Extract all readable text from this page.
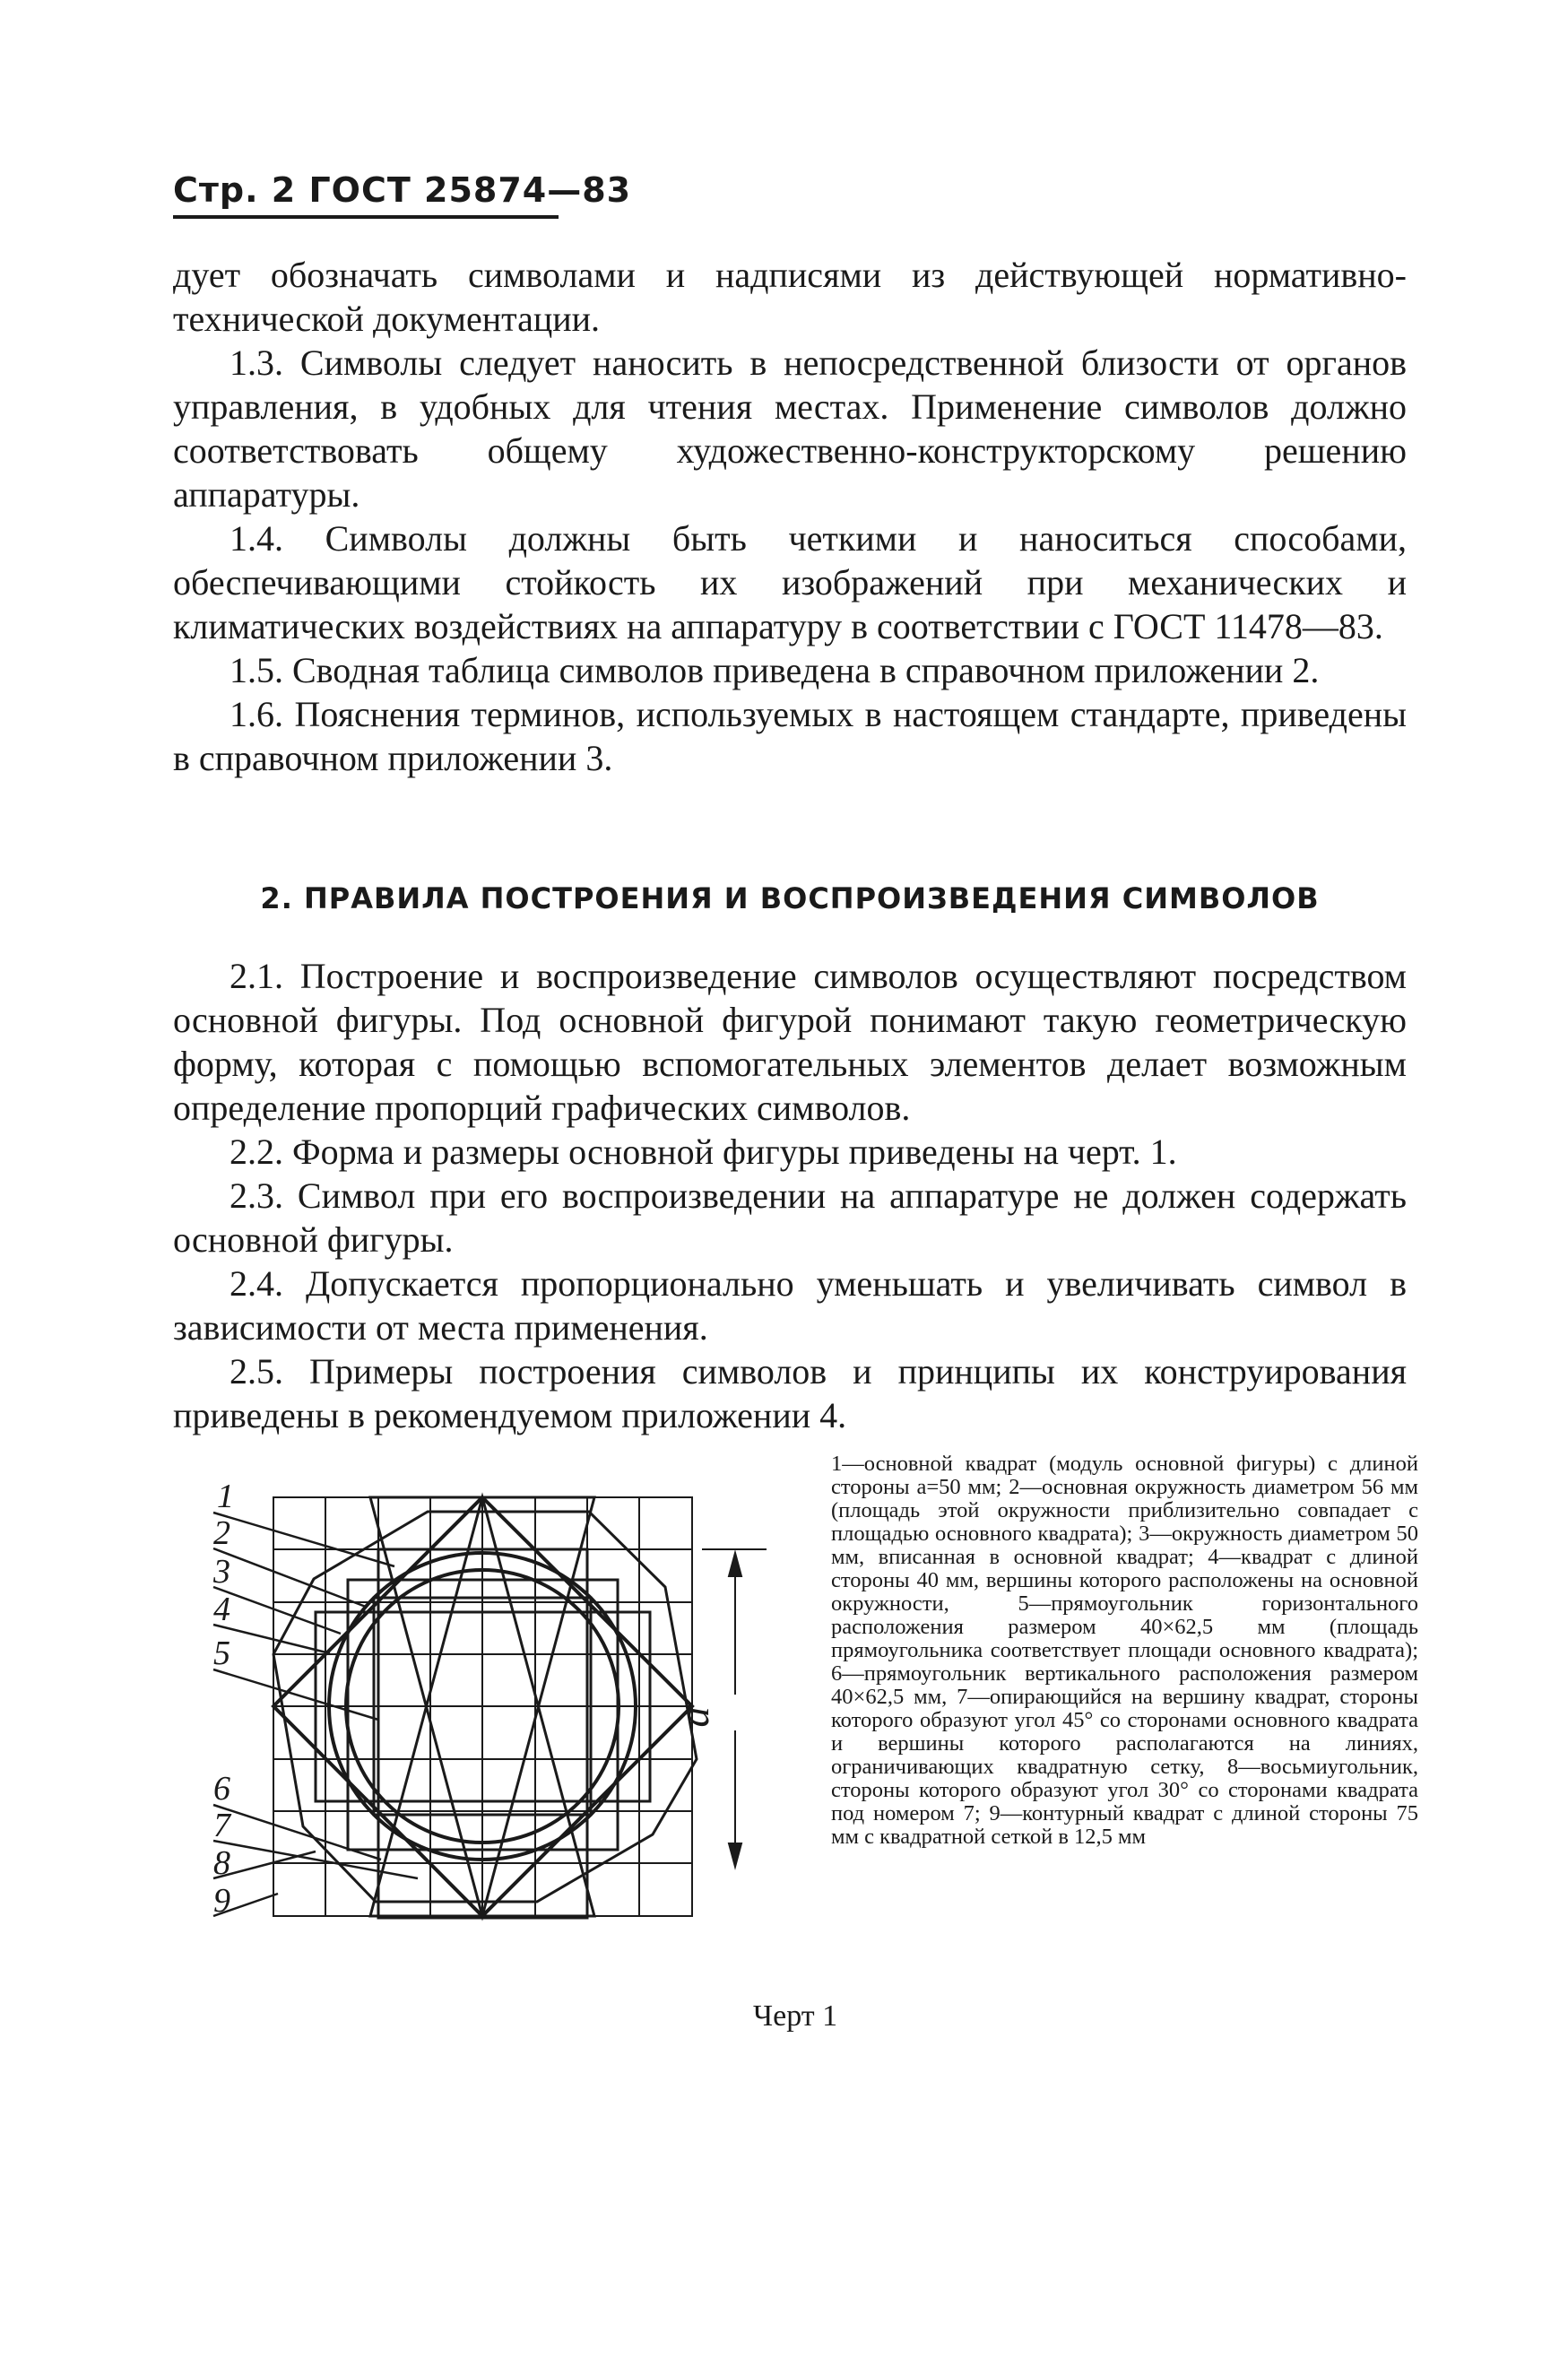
Стр. 2 ГОСТ 25874—83

дует обозначать символами и надписями из действующей нормативно-технической документации.

1.3. Символы следует наносить в непосредственной близости от органов управления, в удобных для чтения местах. Применение символов должно соответствовать общему художественно-конструкторскому решению аппаратуры.

1.4. Символы должны быть четкими и наноситься способами, обеспечивающими стойкость их изображений при механических и климатических воздействиях на аппаратуру в соответствии с ГОСТ 11478—83.

1.5. Сводная таблица символов приведена в справочном приложении 2.

1.6. Пояснения терминов, используемых в настоящем стандарте, приведены в справочном приложении 3.

2. ПРАВИЛА ПОСТРОЕНИЯ И ВОСПРОИЗВЕДЕНИЯ СИМВОЛОВ

2.1. Построение и воспроизведение символов осуществляют посредством основной фигуры. Под основной фигурой понимают такую геометрическую форму, которая с помощью вспомогательных элементов делает возможным определение пропорций графических символов.

2.2. Форма и размеры основной фигуры приведены на черт. 1.

2.3. Символ при его воспроизведении на аппаратуре не должен содержать основной фигуры.

2.4. Допускается пропорционально уменьшать и увеличивать символ в зависимости от места применения.

2.5. Примеры построения символов и принципы их конструирования приведены в рекомендуемом приложении 4.

1
2
3
4
5
6
7
8
9
a

1—основной квадрат (модуль основной фигуры) с длиной стороны a=50 мм; 2—основная окружность диаметром 56 мм (площадь этой окружности приблизительно совпадает с площадью основного квадрата); 3—окружность диаметром 50 мм, вписанная в основной квадрат; 4—квадрат с длиной стороны 40 мм, вершины которого расположены на основной окружности, 5—прямоугольник горизонтального расположения размером 40×62,5 мм (площадь прямоугольника соответствует площади основного квадрата); 6—прямоугольник вертикального расположения размером 40×62,5 мм, 7—опирающийся на вершину квадрат, стороны которого образуют угол 45° со сторонами основного квадрата и вершины которого располагаются на линиях, ограничивающих квадратную сетку, 8—восьмиугольник, стороны которого образуют угол 30° со сторонами квадрата под номером 7; 9—контурный квадрат с длиной стороны 75 мм с квадратной сеткой в 12,5 мм

Черт 1
